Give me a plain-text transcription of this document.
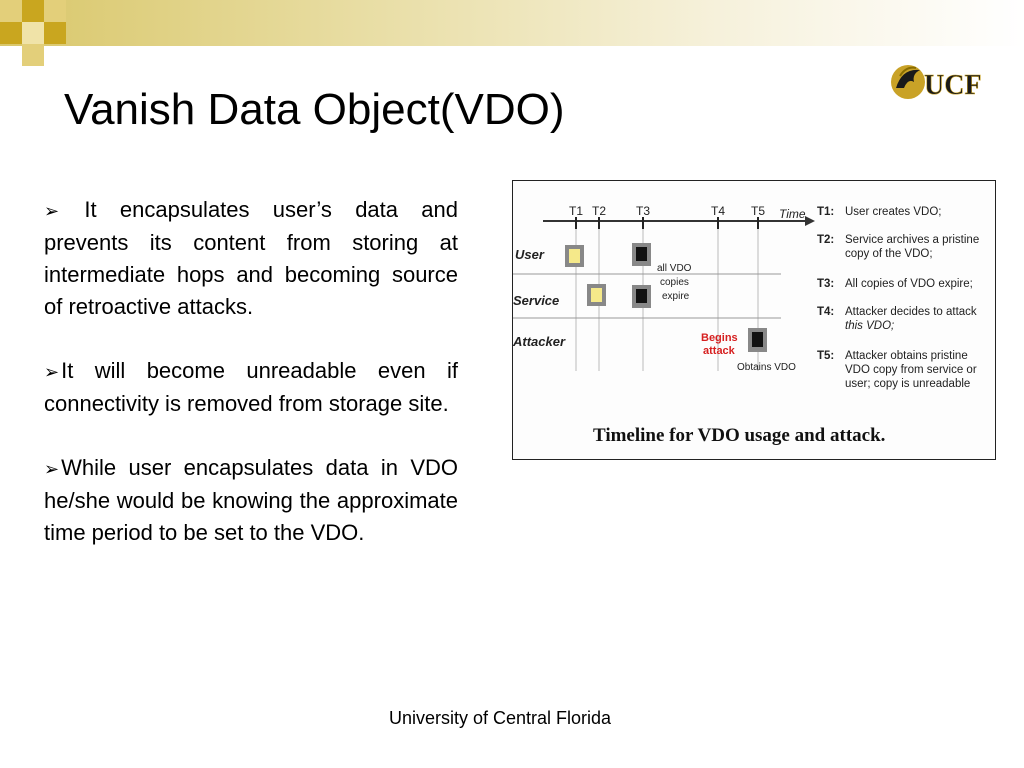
Vanish Data Object(VDO)	UCF

➢ It encapsulates user’s data and prevents its content from storing at intermediate hops and becoming source of retroactive attacks.

➢It will become unreadable even if connectivity is removed from storage site.

➢While user encapsulates data in VDO he/she would be knowing the approximate time period to be set to the VDO.

Time
T1 T2 T3	T4 T5
User
Service
Attacker
all VDO
copies
expire
Begins
attack
Obtains VDO
T1: User creates VDO;
T2: Service archives a pristine
copy of the VDO;
T3: All copies of VDO expire;
T4: Attacker decides to attack
this VDO;
T5: Attacker obtains pristine
VDO copy from service or
user; copy is unreadable
Timeline for VDO usage and attack.
University of Central Florida
